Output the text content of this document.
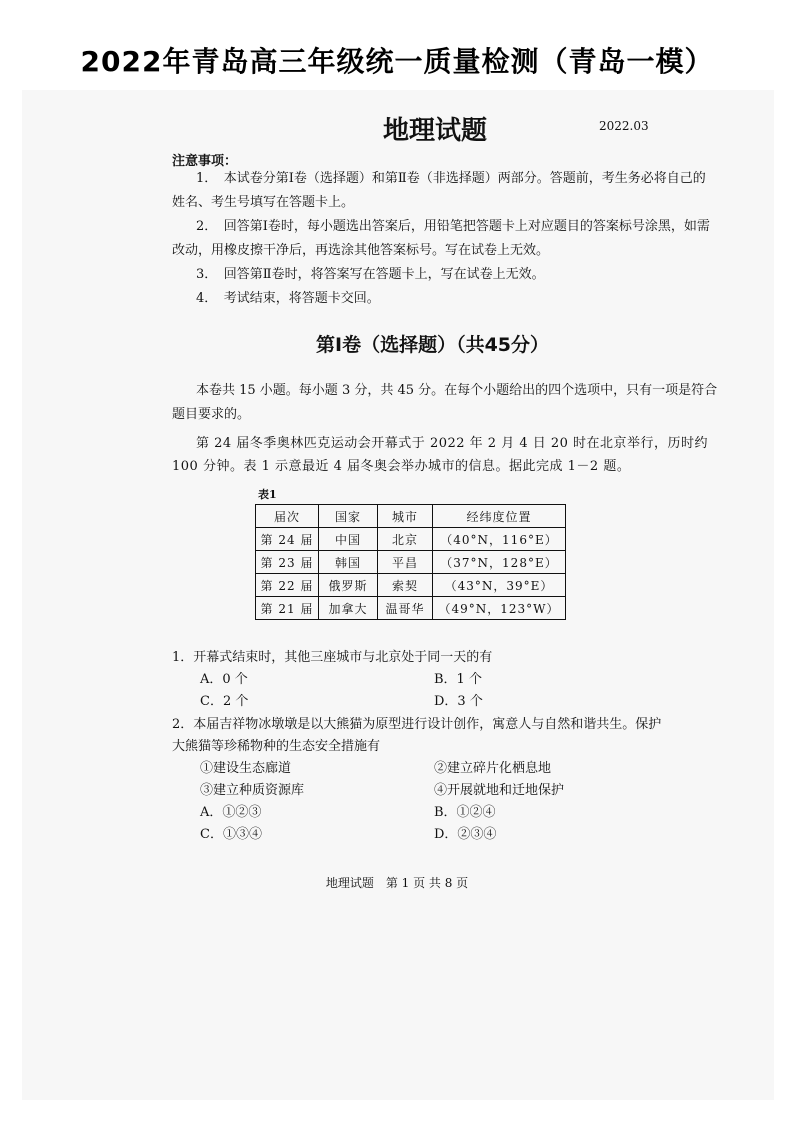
2022年青岛高三年级统一质量检测（青岛一模）
地理试题	2022.03
注意事项：
1．　本试卷分第Ⅰ卷（选择题）和第Ⅱ卷（非选择题）两部分。答题前，考生务必将自己的
姓名、考生号填写在答题卡上。
2．　回答第Ⅰ卷时，每小题选出答案后，用铅笔把答题卡上对应题目的答案标号涂黑，如需
改动，用橡皮擦干净后，再选涂其他答案标号。写在试卷上无效。
3．　回答第Ⅱ卷时，将答案写在答题卡上，写在试卷上无效。
4．　考试结束，将答题卡交回。
第Ⅰ卷（选择题）（共45分）
本卷共 15 小题。每小题 3 分，共 45 分。在每个小题给出的四个选项中，只有一项是符合
题目要求的。
第 24 届冬季奥林匹克运动会开幕式于 2022 年 2 月 4 日 20 时在北京举行，历时约
100 分钟。表 1 示意最近 4 届冬奥会举办城市的信息。据此完成 1－2 题。
表1
届次	国家	城市	经纬度位置
第 24 届	中国	北京	（40°N，116°E）
第 23 届	韩国	平昌	（37°N，128°E）
第 22 届	俄罗斯	索契	（43°N，39°E）
第 21 届	加拿大	温哥华	（49°N，123°W）
1．开幕式结束时，其他三座城市与北京处于同一天的有
A．0 个	B．1 个
C．2 个	D．3 个
2．本届吉祥物冰墩墩是以大熊猫为原型进行设计创作，寓意人与自然和谐共生。保护
大熊猫等珍稀物种的生态安全措施有
①建设生态廊道	②建立碎片化栖息地
③建立种质资源库	④开展就地和迁地保护
A．①②③	B．①②④
C．①③④	D．②③④
地理试题　第 1 页 共 8 页
